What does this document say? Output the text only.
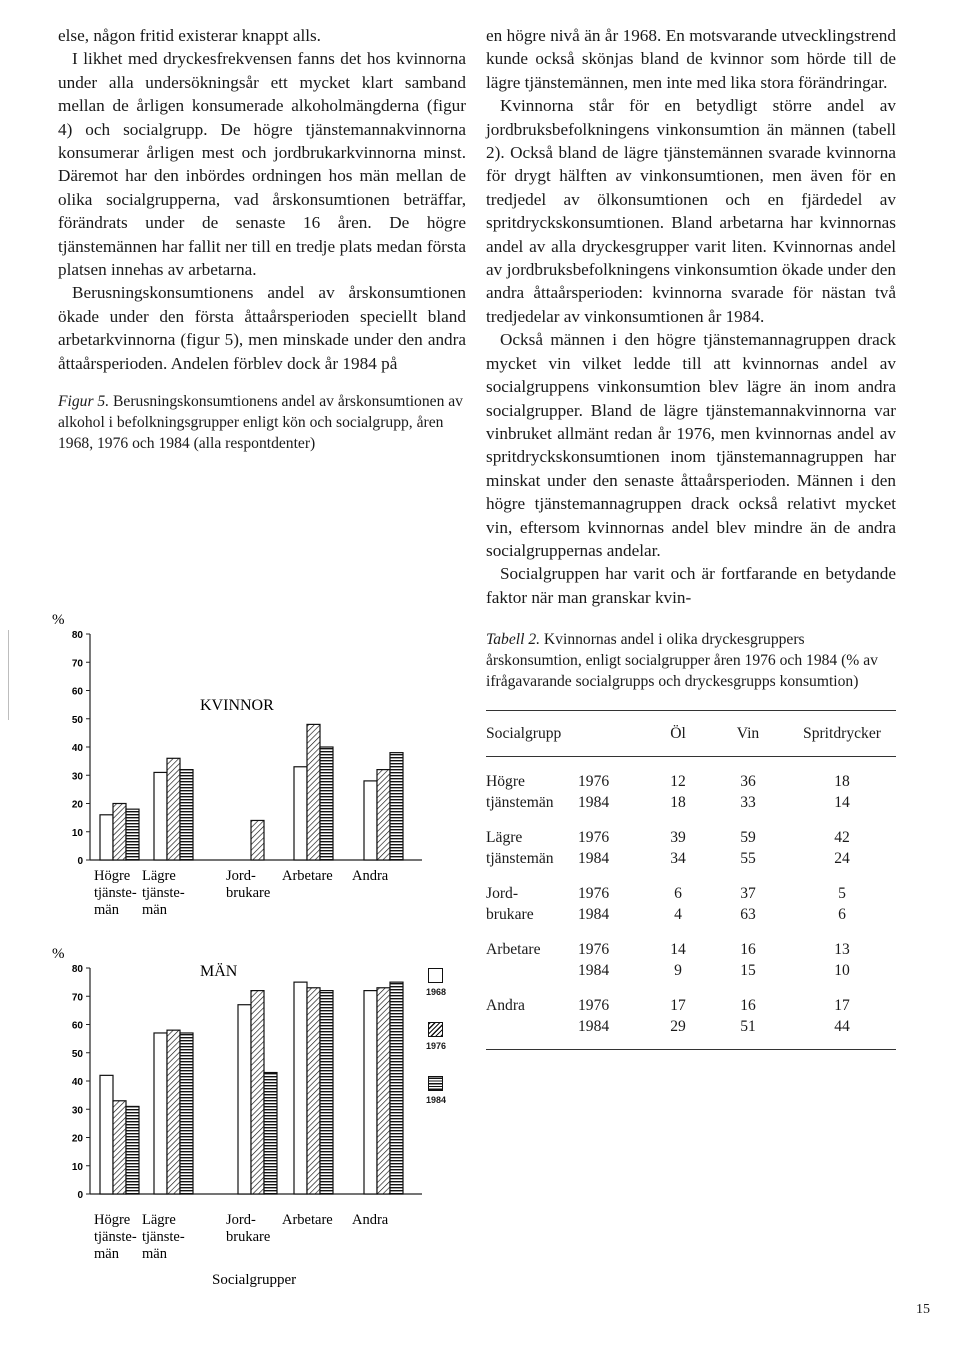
else, någon fritid existerar knappt alls.

I likhet med dryckesfrekvensen fanns det hos kvinnorna under alla undersökningsår ett mycket klart samband mellan de årligen konsumerade alkoholmängderna (figur 4) och socialgrupp. De högre tjänstemannakvinnorna konsumerar årligen mest och jordbrukarkvinnorna minst. Däremot har den inbördes ordningen hos män mellan de olika socialgrupperna, vad årskonsumtionen beträffar, förändrats under de senaste 16 åren. De högre tjänstemännen har fallit ner till en tredje plats medan första platsen innehas av arbetarna.

Berusningskonsumtionens andel av årskonsumtionen ökade under den första åttaårsperioden speciellt bland arbetarkvinnorna (figur 5), men minskade under den andra åttaårsperioden. Andelen förblev dock år 1984 på

Figur 5. Berusningskonsumtionens andel av årskonsumtionen av alkohol i befolkningsgrupper enligt kön och socialgrupp, åren 1968, 1976 och 1984 (alla respontdenter)

%
0
10
20
30
40
50
60
70
80
KVINNOR
Högre tjänste-män
Lägre tjänste-män
Jord-brukare
Arbetare Andra
%
0
10
20
30
40
50
60
70
80	MÄN
Högre tjänste-män
Lägre tjänste-män
Jord-brukare
Arbetare Andra
Socialgrupper
1968
1976
1984

en högre nivå än år 1968. En motsvarande utvecklingstrend kunde också skönjas bland de kvinnor som hörde till de lägre tjänstemännen, men inte med lika stora förändringar.

Kvinnorna står för en betydligt större andel av jordbruksbefolkningens vinkonsumtion än männen (tabell 2). Också bland de lägre tjänstemännen svarade kvinnorna för drygt hälften av vinkonsumtionen, men även för en tredjedel av ölkonsumtionen och en fjärdedel av spritdryckskonsumtionen. Bland arbetarna har kvinnornas andel av alla dryckesgrupper varit liten. Kvinnornas andel av jordbruksbefolkningens vinkonsumtion ökade under den andra åttaårsperioden: kvinnorna svarade för nästan två tredjedelar av vinkonsumtionen år 1984.

Också männen i den högre tjänstemannagruppen drack mycket vin vilket ledde till att kvinnornas andel av socialgruppens vinkonsumtion blev lägre än inom andra socialgrupper. Bland de lägre tjänstemannakvinnorna var vinbruket allmänt redan år 1976, men kvinnornas andel av spritdryckskonsumtionen inom tjänstemannagruppen har minskat under den senaste åttaårsperioden. Männen i den högre tjänstemannagruppen drack också relativt mycket vin, eftersom kvinnornas andel blev mindre än de andra socialgruppernas andelar.

Socialgruppen har varit och är fortfarande en betydande faktor när man granskar kvin-

Tabell 2. Kvinnornas andel i olika dryckesgruppers årskonsumtion, enligt socialgrupper åren 1976 och 1984 (% av ifrågavarande socialgrupps och dryckesgrupps konsumtion)

Socialgrupp		Öl	Vin	Spritdrycker
Högre	1976	12	36	18
tjänstemän	1984	18	33	14
Lägre	1976	39	59	42
tjänstemän	1984	34	55	24
Jord-	1976	6	37	5
brukare	1984	4	63	6
Arbetare	1976	14	16	13
	1984	9	15	10
Andra	1976	17	16	17
	1984	29	51	44
15
